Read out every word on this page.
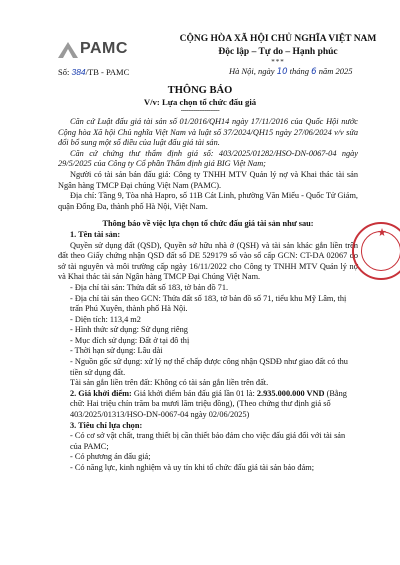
PAMC
Số: 384/TB - PAMC
CỘNG HÒA XÃ HỘI CHỦ NGHĨA VIỆT NAM
Độc lập – Tự do – Hạnh phúc
***
Hà Nội, ngày 10 tháng 6 năm 2025
THÔNG BÁO
V/v: Lựa chọn tổ chức đấu giá
---------------------

Căn cứ Luật đấu giá tài sản số 01/2016/QH14 ngày 17/11/2016 của Quốc Hội nước Cộng hòa Xã hội Chủ nghĩa Việt Nam và luật số 37/2024/QH15 ngày 27/06/2024 v/v sửa đổi bổ sung một số điều của luật đấu giá tài sản.

Căn cứ chứng thư thẩm định giá số: 403/2025/01282/HSO-DN-0067-04 ngày 29/5/2025 của Công ty Cổ phần Thẩm định giá BIG Việt Nam;

Người có tài sản bán đấu giá: Công ty TNHH MTV Quản lý nợ và Khai thác tài sản Ngân hàng TMCP Đại chúng Việt Nam (PAMC).

Địa chỉ: Tầng 9, Tòa nhà Hapro, số 11B Cát Linh, phường Văn Miếu - Quốc Tử Giám, quận Đống Đa, thành phố Hà Nội, Việt Nam.

Thông báo về việc lựa chọn tổ chức đấu giá tài sản như sau:

1. Tên tài sản:

Quyền sử dụng đất (QSD), Quyền sở hữu nhà ở (QSH) và tài sản khác gắn liền trên đất theo Giấy chứng nhận QSD đất số DE 529179 số vào sổ cấp GCN: CT-DA 02067 do sở tài nguyên và môi trường cấp ngày 16/11/2022 cho Công ty TNHH MTV Quản lý nợ và Khai thác tài sản Ngân hàng TMCP Đại Chúng Việt Nam.

- Địa chỉ tài sản: Thửa đất số 183, tờ bản đồ 71.

- Địa chỉ tài sản theo GCN: Thửa đất số 183, tờ bản đồ số 71, tiểu khu Mỹ Lâm, thị trấn Phú Xuyên, thành phố Hà Nội.

- Diện tích: 113,4 m2

- Hình thức sử dụng: Sử dụng riêng

- Mục đích sử dụng: Đất ở tại đô thị

- Thời hạn sử dụng: Lâu dài

- Nguồn gốc sử dụng: xử lý nợ thế chấp được công nhận QSDĐ như giao đất có thu tiền sử dụng đất.

Tài sản gắn liền trên đất: Không có tài sản gắn liền trên đất.

2. Giá khởi điểm: Giá khởi điểm bán đấu giá lần 01 là: 2.935.000.000 VND (Bằng chữ: Hai triệu chín trăm ba mươi lăm triệu đồng), (Theo chứng thư định giá số 403/2025/01313/HSO-DN-0067-04 ngày 02/06/2025)

3. Tiêu chí lựa chọn:

- Có cơ sở vật chất, trang thiết bị cần thiết bảo đảm cho việc đấu giá đối với tài sản của PAMC;

- Có phương án đấu giá;

- Có năng lực, kinh nghiệm và uy tín khi tổ chức đấu giá tài sản bảo đảm;
